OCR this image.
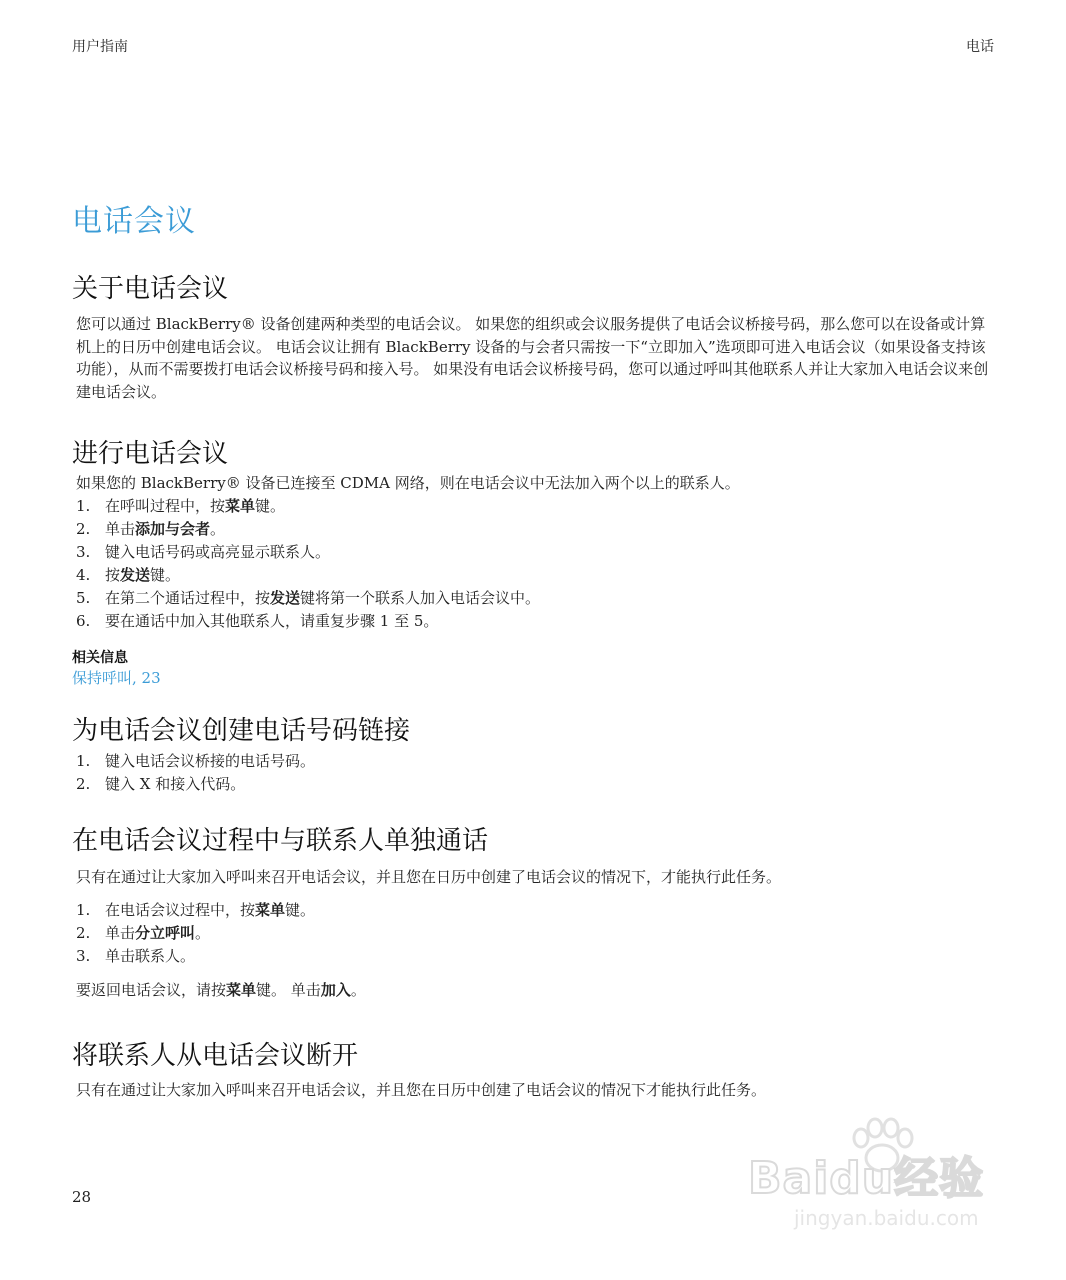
用户指南	电话
电话会议
关于电话会议

您可以通过 BlackBerry® 设备创建两种类型的电话会议。 如果您的组织或会议服务提供了电话会议桥接号码，那么您可以在设备或计算机上的日历中创建电话会议。 电话会议让拥有 BlackBerry 设备的与会者只需按一下“立即加入”选项即可进入电话会议（如果设备支持该功能），从而不需要拨打电话会议桥接号码和接入号。 如果没有电话会议桥接号码，您可以通过呼叫其他联系人并让大家加入电话会议来创建电话会议。

进行电话会议

如果您的 BlackBerry® 设备已连接至 CDMA 网络，则在电话会议中无法加入两个以上的联系人。

1. 在呼叫过程中，按菜单键。
2. 单击添加与会者。
3. 键入电话号码或高亮显示联系人。
4. 按发送键。
5. 在第二个通话过程中，按发送键将第一个联系人加入电话会议中。
6. 要在通话中加入其他联系人，请重复步骤 1 至 5。
相关信息
保持呼叫, 23
为电话会议创建电话号码链接
1. 键入电话会议桥接的电话号码。
2. 键入 X 和接入代码。
在电话会议过程中与联系人单独通话

只有在通过让大家加入呼叫来召开电话会议，并且您在日历中创建了电话会议的情况下，才能执行此任务。

1. 在电话会议过程中，按菜单键。
2. 单击分立呼叫。
3. 单击联系人。

要返回电话会议，请按菜单键。 单击加入。

将联系人从电话会议断开

只有在通过让大家加入呼叫来召开电话会议，并且您在日历中创建了电话会议的情况下才能执行此任务。

28	Baidu经验
jingyan.baidu.com
